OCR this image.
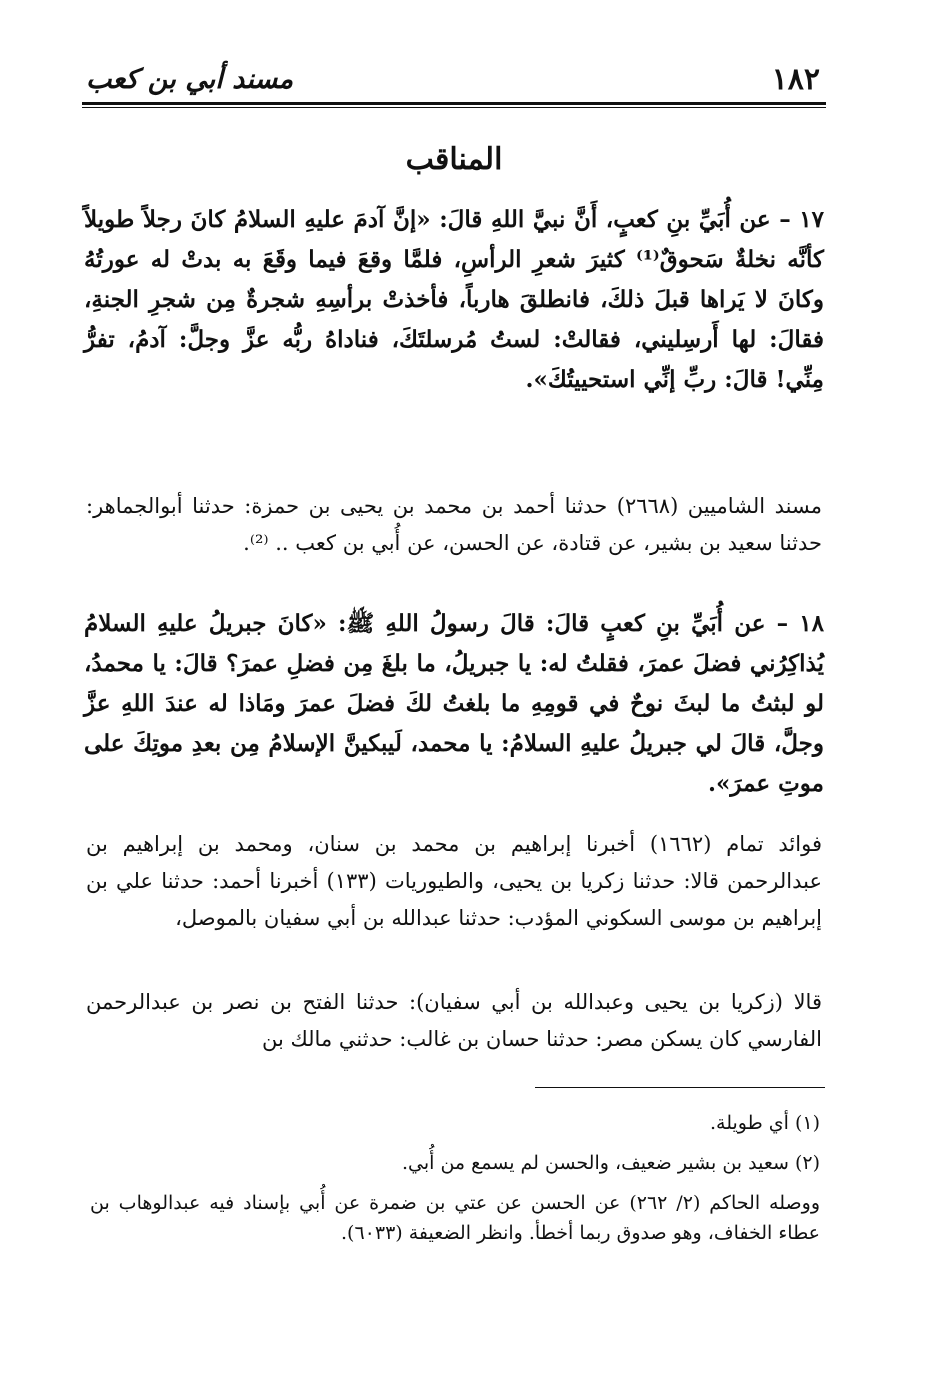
١٨٢
مسند أبي بن كعب
المناقب

١٧ – عن أُبَيِّ بنِ كعبٍ، أَنَّ نبيَّ اللهِ قالَ: «إنَّ آدمَ عليهِ السلامُ كانَ رجلاً طويلاً كأنَّه نخلةٌ سَحوقٌ⁽¹⁾ كثيرَ شعرِ الرأسِ، فلمَّا وقعَ فيما وقَعَ به بدتْ له عورتُهُ وكانَ لا يَراها قبلَ ذلكَ، فانطلقَ هارباً، فأخذتْ برأسِهِ شجرةٌ مِن شجرِ الجنةِ، فقالَ: لها أَرسِليني، فقالتْ: لستُ مُرسلتَكَ، فناداهُ ربُّه عزَّ وجلَّ: آدمُ، تفرُّ مِنِّي! قالَ: ربِّ إنِّي استحييتُكَ».

مسند الشاميين (٢٦٦٨) حدثنا أحمد بن محمد بن يحيى بن حمزة: حدثنا أبوالجماهر: حدثنا سعيد بن بشير، عن قتادة، عن الحسن، عن أُبي بن كعب .. ⁽²⁾.

١٨ – عن أُبَيِّ بنِ كعبٍ قالَ: قالَ رسولُ اللهِ ﷺ: «كانَ جبريلُ عليهِ السلامُ يُذاكِرُني فضلَ عمرَ، فقلتُ له: يا جبريلُ، ما بلغَ مِن فضلِ عمرَ؟ قالَ: يا محمدُ، لو لبثتُ ما لبثَ نوحٌ في قومِهِ ما بلغتُ لكَ فضلَ عمرَ ومَاذا له عندَ اللهِ عزَّ وجلَّ، قالَ لي جبريلُ عليهِ السلامُ: يا محمد، لَيبكينَّ الإسلامُ مِن بعدِ موتِكَ على موتِ عمرَ».

فوائد تمام (١٦٦٢) أخبرنا إبراهيم بن محمد بن سنان، ومحمد بن إبراهيم بن عبدالرحمن قالا: حدثنا زكريا بن يحيى، والطيوريات (١٣٣) أخبرنا أحمد: حدثنا علي بن إبراهيم بن موسى السكوني المؤدب: حدثنا عبدالله بن أبي سفيان بالموصل،

قالا (زكريا بن يحيى وعبدالله بن أبي سفيان): حدثنا الفتح بن نصر بن عبدالرحمن الفارسي كان يسكن مصر: حدثنا حسان بن غالب: حدثني مالك بن

(١) أي طويلة.

(٢) سعيد بن بشير ضعيف، والحسن لم يسمع من أُبي.

ووصله الحاكم (٢/ ٢٦٢) عن الحسن عن عتي بن ضمرة عن أُبي بإسناد فيه عبدالوهاب بن عطاء الخفاف، وهو صدوق ربما أخطأ. وانظر الضعيفة (٦٠٣٣).
